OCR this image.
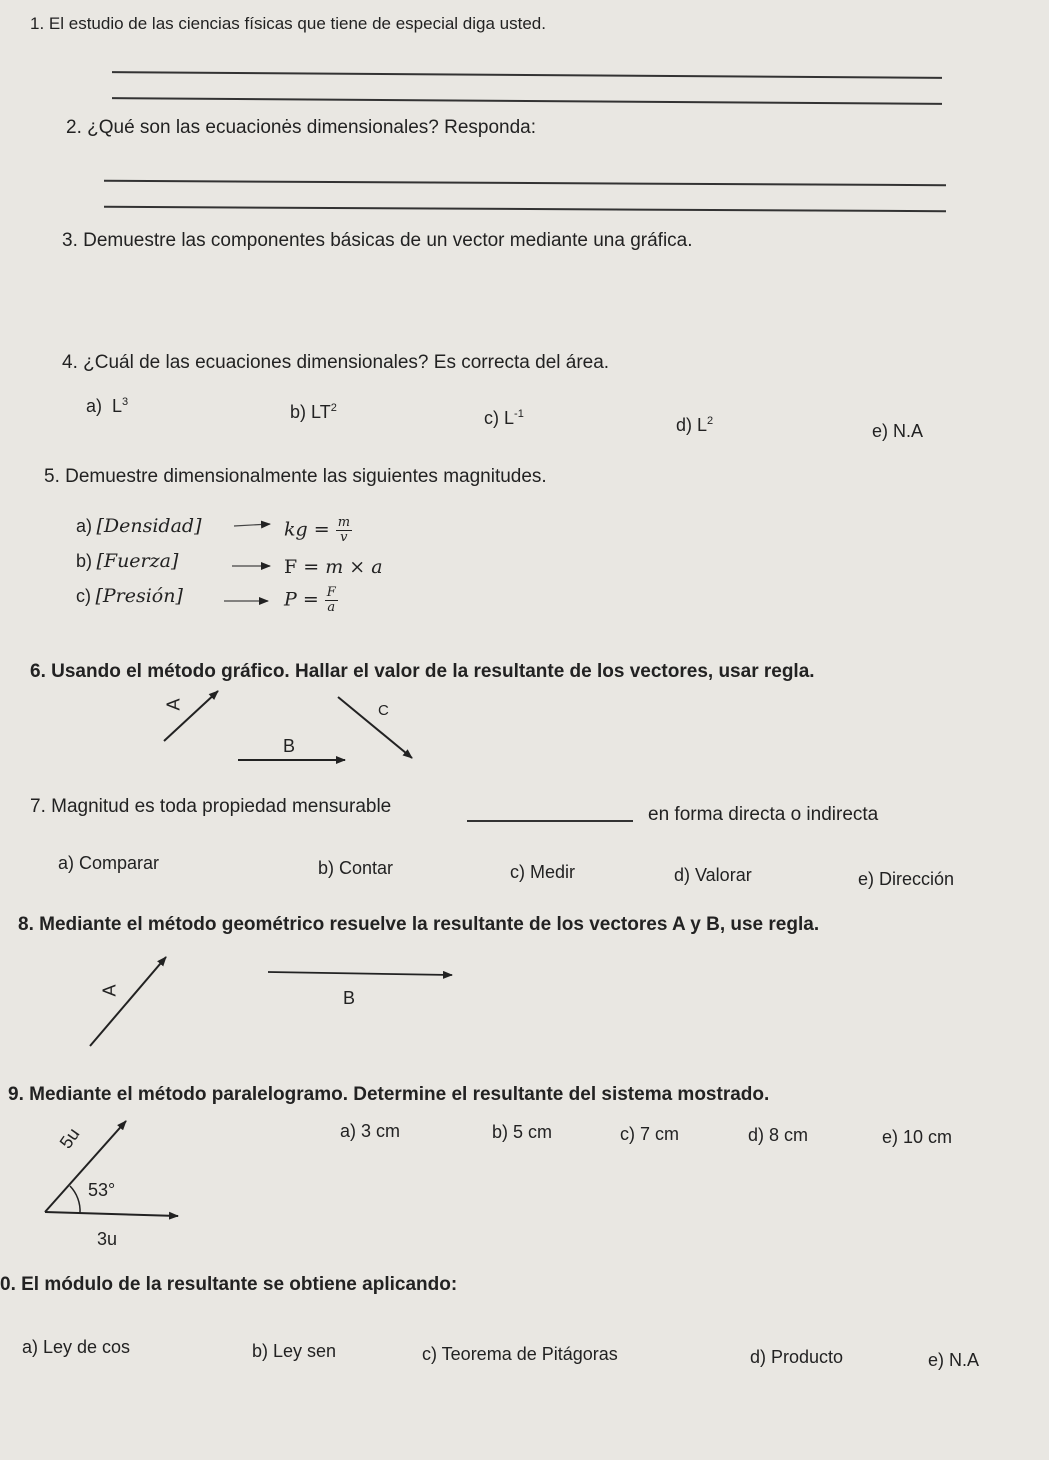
1. El estudio de las ciencias físicas que tiene de especial diga usted.
2. ¿Qué son las ecuacionės dimensionales? Responda:
3. Demuestre las componentes básicas de un vector mediante una gráfica.
4. ¿Cuál de las ecuaciones dimensionales? Es correcta del área.
a) $L^3$	b) $LT^2$	c) $L^{-1}$
d) $L^2$	e) N.A
5. Demuestre dimensionalmente las siguientes magnitudes.
a) [Densidad]	kg = $\frac{m}{v}$
b) [Fuerza]	F = m × a
c) [Presión]	$P = \frac{F}{a}$
6. Usando el método gráfico. Hallar el valor de la resultante de los vectores, usar regla.
A
B
C
7. Magnitud es toda propiedad mensurable	en forma directa o indirecta
a) Comparar	b) Contar	c) Medir	d) Valorar	e) Dirección
8. Mediante el método geométrico resuelve la resultante de los vectores A y B, use regla.
A	B
9. Mediante el método paralelogramo. Determine el resultante del sistema mostrado.
5u
53°
3u
a) 3 cm	b) 5 cm	c) 7 cm	d) 8 cm	e) 10 cm
0. El módulo de la resultante se obtiene aplicando:
a) Ley de cos	b) Ley sen	c) Teorema de Pitágoras	d) Producto	e) N.A
